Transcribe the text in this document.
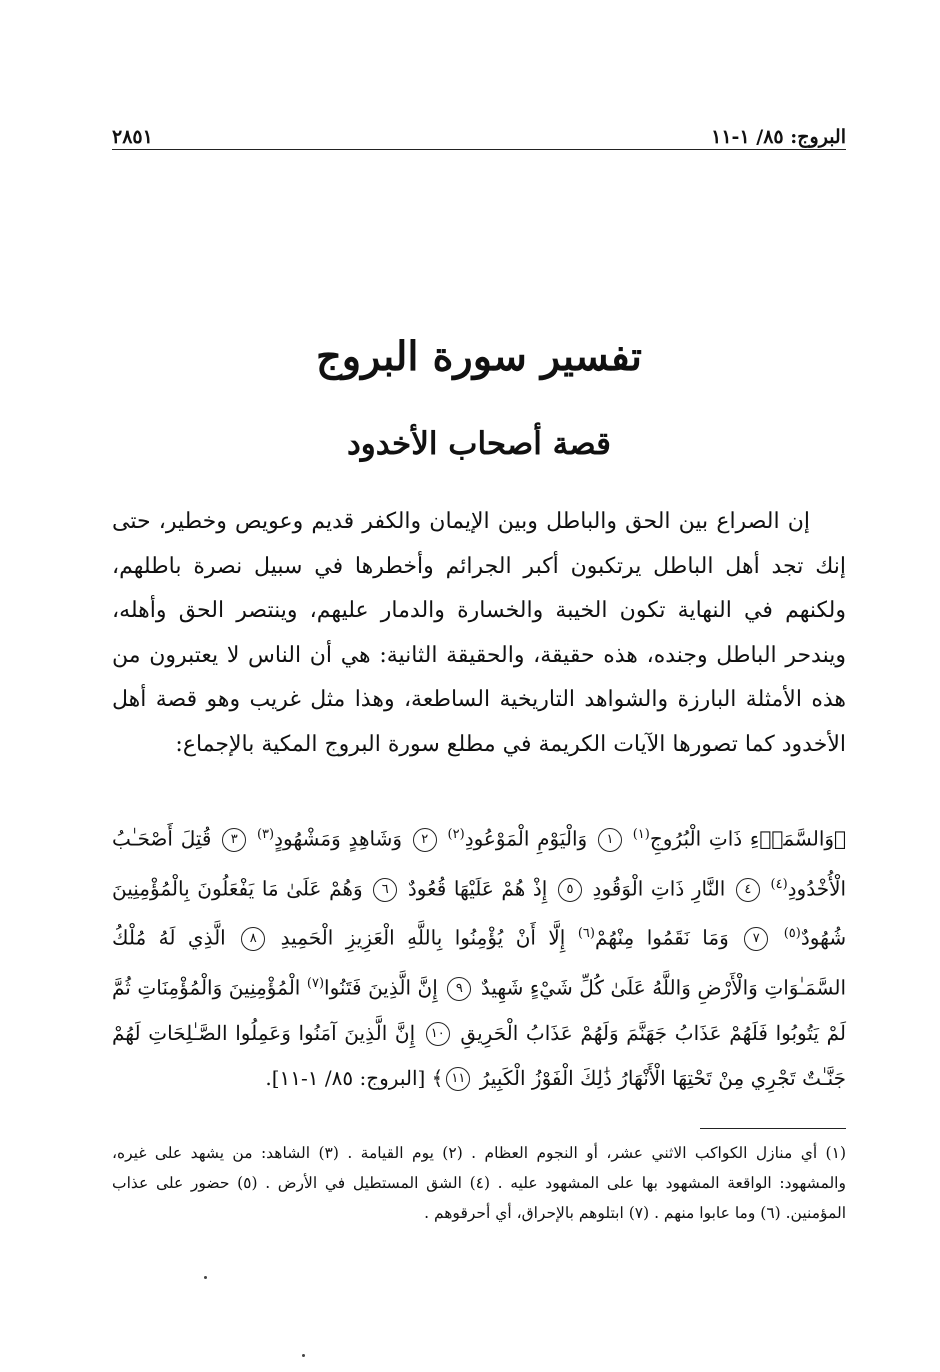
البروج: ٨٥/ ١-١١
٢٨٥١
تفسير سورة البروج
قصة أصحاب الأخدود

إن الصراع بين الحق والباطل وبين الإيمان والكفر قديم وعويص وخطير، حتى إنك تجد أهل الباطل يرتكبون أكبر الجرائم وأخطرها في سبيل نصرة باطلهم، ولكنهم في النهاية تكون الخيبة والخسارة والدمار عليهم، وينتصر الحق وأهله، ويندحر الباطل وجنده، هذه حقيقة، والحقيقة الثانية: هي أن الناس لا يعتبرون من هذه الأمثلة البارزة والشواهد التاريخية الساطعة، وهذا مثل غريب وهو قصة أهل الأخدود كما تصورها الآيات الكريمة في مطلع سورة البروج المكية بالإجماع:

﴿وَالسَّمَاۤءِ ذَاتِ الْبُرُوجِ$^{(١)}$ ١ وَالْيَوْمِ الْمَوْعُودِ$^{(٢)}$ ٢ وَشَاهِدٍ وَمَشْهُودٍ$^{(٣)}$ ٣ قُتِلَ أَصْحَـٰبُ الْأُخْدُودِ$^{(٤)}$ ٤ النَّارِ ذَاتِ الْوَقُودِ ٥ إِذْ هُمْ عَلَيْهَا قُعُودٌ ٦ وَهُمْ عَلَىٰ مَا يَفْعَلُونَ بِالْمُؤْمِنِينَ شُهُودٌ$^{(٥)}$ ٧ وَمَا نَقَمُوا مِنْهُمْ$^{(٦)}$ إِلَّا أَنْ يُؤْمِنُوا بِاللَّهِ الْعَزِيزِ الْحَمِيدِ ٨ الَّذِي لَهُ مُلْكُ السَّمَـٰوَاتِ وَالْأَرْضِ وَاللَّهُ عَلَىٰ كُلِّ شَيْءٍ شَهِيدٌ ٩ إِنَّ الَّذِينَ فَتَنُوا$^{(٧)}$ الْمُؤْمِنِينَ وَالْمُؤْمِنَاتِ ثُمَّ لَمْ يَتُوبُوا فَلَهُمْ عَذَابُ جَهَنَّمَ وَلَهُمْ عَذَابُ الْحَرِيقِ ١٠ إِنَّ الَّذِينَ آمَنُوا وَعَمِلُوا الصَّـٰلِحَاتِ لَهُمْ جَنَّـٰتٌ تَجْرِي مِنْ تَحْتِهَا الْأَنْهَارُ ذَٰلِكَ الْفَوْزُ الْكَبِيرُ ١١﴾ [البروج: ٨٥/ ١-١١].

(١) أي منازل الكواكب الاثني عشر، أو النجوم العظام . (٢) يوم القيامة . (٣) الشاهد: من يشهد على غيره، والمشهود: الواقعة المشهود بها على المشهود عليه . (٤) الشق المستطيل في الأرض . (٥) حضور على عذاب المؤمنين. (٦) وما عابوا منهم . (٧) ابتلوهم بالإحراق، أي أحرقوهم .
